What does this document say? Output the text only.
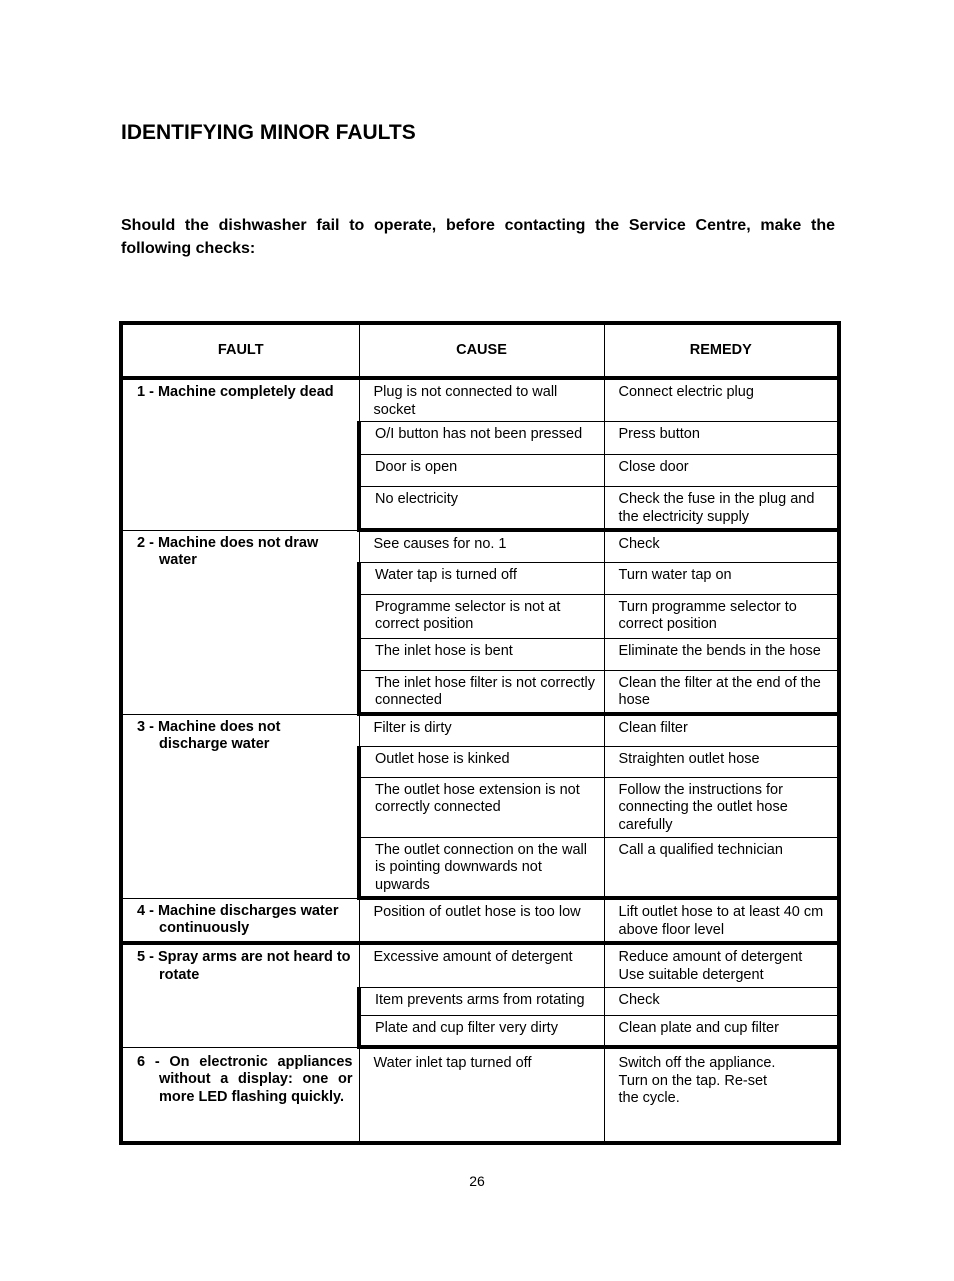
IDENTIFYING MINOR FAULTS

Should the dishwasher fail to operate, before contacting the Service Centre, make the following checks:

FAULT	CAUSE	REMEDY

1 - Machine completely dead	Plug is not connected to wall socket	Connect electric plug
	O/I button has not been pressed	Press button
	Door is open	Close door
	No electricity	Check the fuse in the plug and the electricity supply

2 - Machine does not draw water	See causes for no. 1	Check
	Water tap is turned off	Turn water tap on
	Programme selector is not at correct position	Turn programme selector to correct position
	The inlet hose is bent	Eliminate the bends in the hose
	The inlet hose filter is not correctly connected	Clean the filter at the end of the hose

3 - Machine does not discharge water	Filter is dirty	Clean filter
	Outlet hose is kinked	Straighten outlet hose
	The outlet hose extension is not correctly connected	Follow the instructions for connecting the outlet hose carefully
	The outlet connection on the wall is pointing downwards not upwards	Call a qualified technician

4 - Machine discharges water continuously	Position of outlet hose is too low	Lift outlet hose to at least 40 cm above floor level

5 - Spray arms are not heard to rotate	Excessive amount of detergent	Reduce amount of detergent Use suitable detergent

	Item prevents arms from rotating	Check
	Plate and cup filter very dirty	Clean plate and cup filter

6 - On electronic appliances without a display: one or more LED flashing quickly.	Water inlet tap turned off	Switch off the appliance. Turn on the tap. Re-set the cycle.
26
